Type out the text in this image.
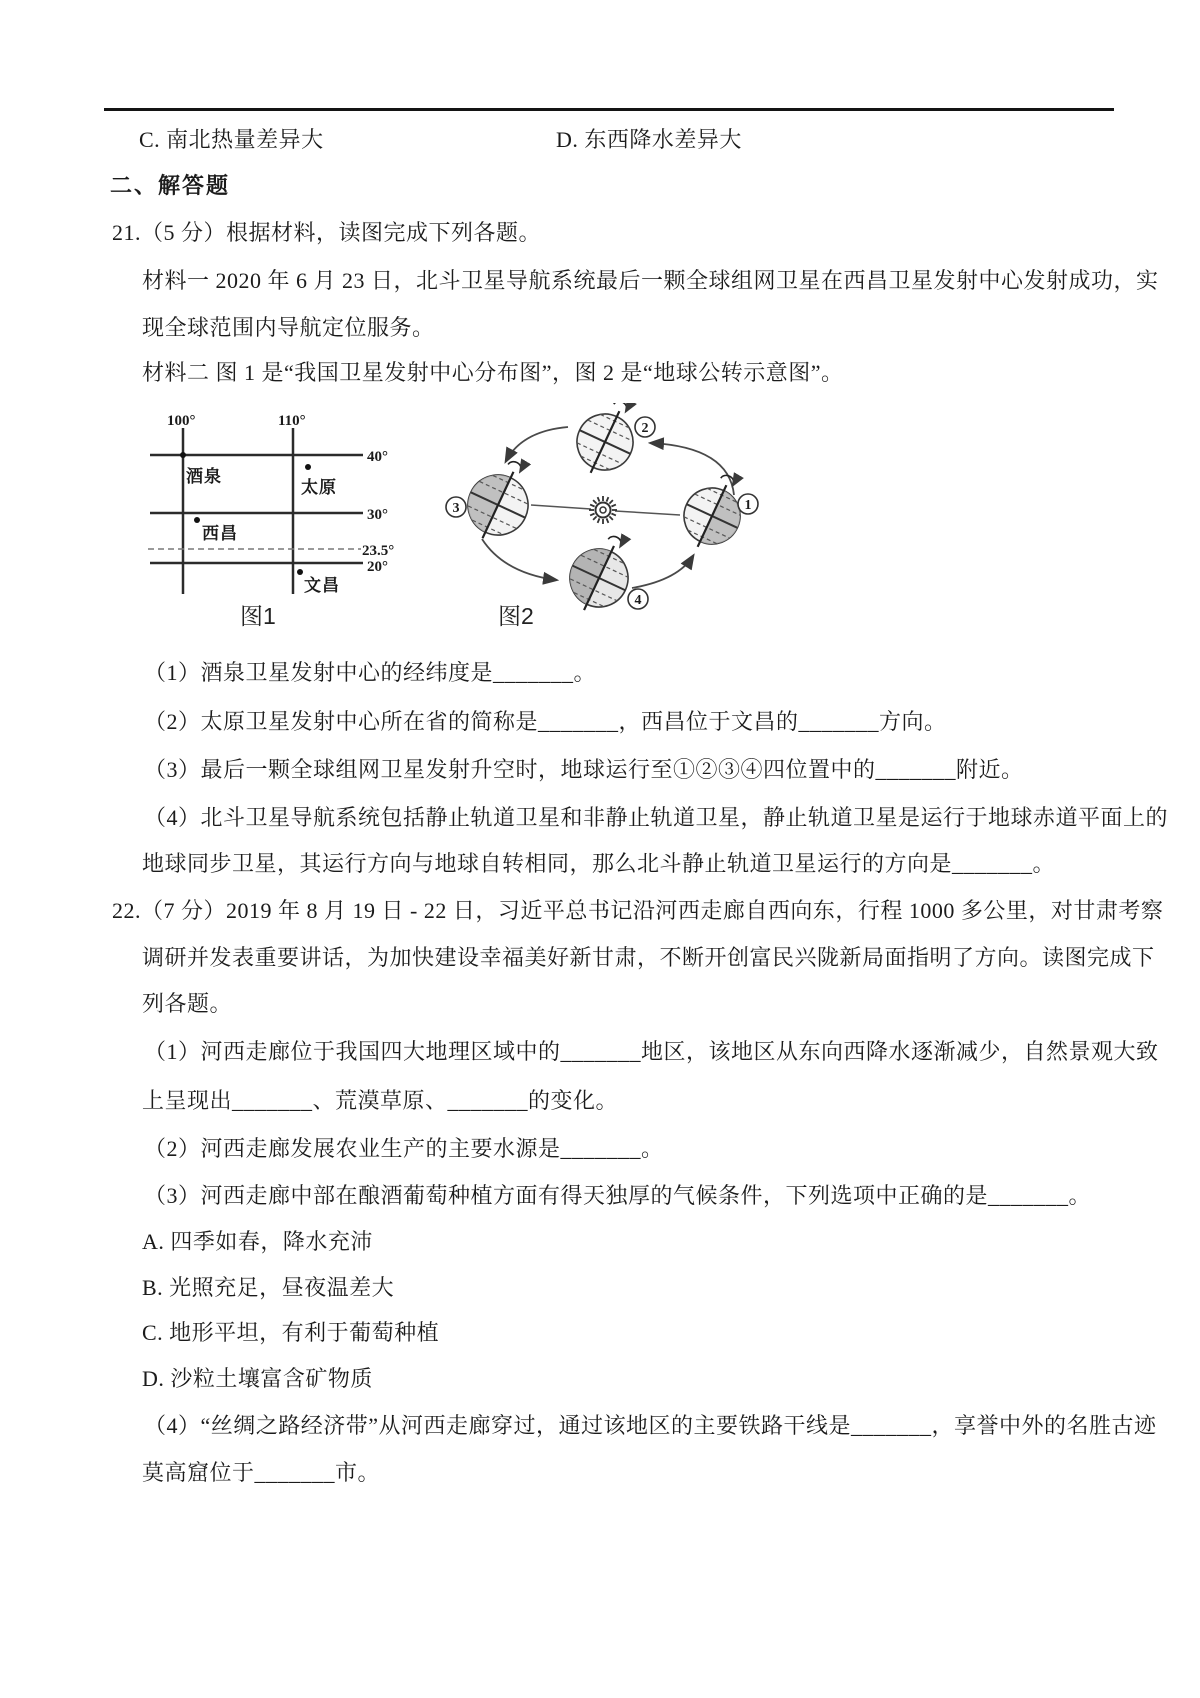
C. 南北热量差异大	D. 东西降水差异大
二、解答题
21.（5 分）根据材料，读图完成下列各题。
材料一 2020 年 6 月 23 日，北斗卫星导航系统最后一颗全球组网卫星在西昌卫星发射中心发射成功，实
现全球范围内导航定位服务。
材料二 图 1 是“我国卫星发射中心分布图”，图 2 是“地球公转示意图”。
100°	110°
40°
30°
23.5°
20°
酒泉
太原
西昌
文昌
1
2
3
4
图1	图2
（1）酒泉卫星发射中心的经纬度是_______。
（2）太原卫星发射中心所在省的简称是_______，西昌位于文昌的_______方向。
（3）最后一颗全球组网卫星发射升空时，地球运行至①②③④四位置中的_______附近。
（4）北斗卫星导航系统包括静止轨道卫星和非静止轨道卫星，静止轨道卫星是运行于地球赤道平面上的
地球同步卫星，其运行方向与地球自转相同，那么北斗静止轨道卫星运行的方向是_______。
22.（7 分）2019 年 8 月 19 日 - 22 日，习近平总书记沿河西走廊自西向东，行程 1000 多公里，对甘肃考察
调研并发表重要讲话，为加快建设幸福美好新甘肃，不断开创富民兴陇新局面指明了方向。读图完成下
列各题。
（1）河西走廊位于我国四大地理区域中的_______地区，该地区从东向西降水逐渐减少，自然景观大致
上呈现出_______、荒漠草原、_______的变化。
（2）河西走廊发展农业生产的主要水源是_______。
（3）河西走廊中部在酿酒葡萄种植方面有得天独厚的气候条件，下列选项中正确的是_______。
A. 四季如春，降水充沛
B. 光照充足，昼夜温差大
C. 地形平坦，有利于葡萄种植
D. 沙粒土壤富含矿物质
（4）“丝绸之路经济带”从河西走廊穿过，通过该地区的主要铁路干线是_______，享誉中外的名胜古迹
莫高窟位于_______市。
